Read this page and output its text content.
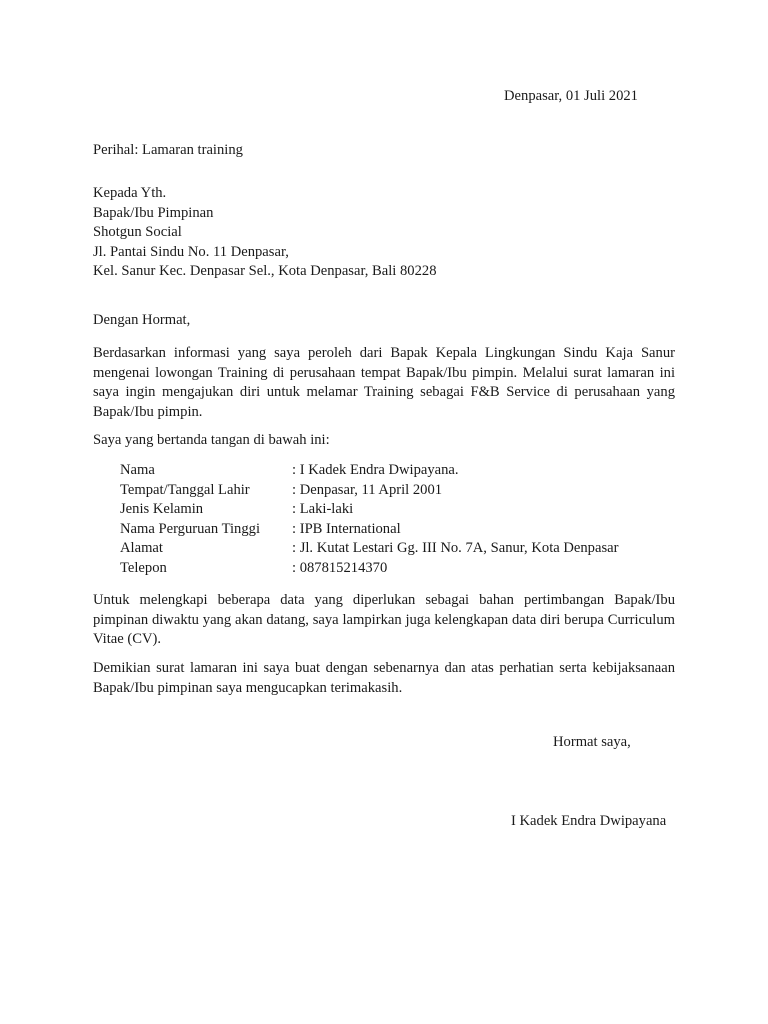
Denpasar, 01 Juli 2021
Perihal: Lamaran training
Kepada Yth.
Bapak/Ibu Pimpinan
Shotgun Social
Jl. Pantai Sindu No. 11 Denpasar,
Kel. Sanur Kec. Denpasar Sel., Kota Denpasar, Bali 80228
Dengan Hormat,
Berdasarkan informasi yang saya peroleh dari Bapak Kepala Lingkungan Sindu Kaja Sanur mengenai lowongan Training di perusahaan tempat Bapak/Ibu pimpin. Melalui surat lamaran ini saya ingin mengajukan diri untuk melamar Training sebagai F&B Service di perusahaan yang Bapak/Ibu pimpin.
Saya yang bertanda tangan di bawah ini:
Nama	: I Kadek Endra Dwipayana.
Tempat/Tanggal Lahir	: Denpasar, 11 April 2001
Jenis Kelamin	: Laki-laki
Nama Perguruan Tinggi	: IPB International
Alamat	: Jl. Kutat Lestari Gg. III No. 7A, Sanur, Kota Denpasar
Telepon	: 087815214370
Untuk melengkapi beberapa data yang diperlukan sebagai bahan pertimbangan Bapak/Ibu pimpinan diwaktu yang akan datang, saya lampirkan juga kelengkapan data diri berupa Curriculum Vitae (CV).
Demikian surat lamaran ini saya buat dengan sebenarnya dan atas perhatian serta kebijaksanaan Bapak/Ibu pimpinan saya mengucapkan terimakasih.
Hormat saya,
I Kadek Endra Dwipayana
